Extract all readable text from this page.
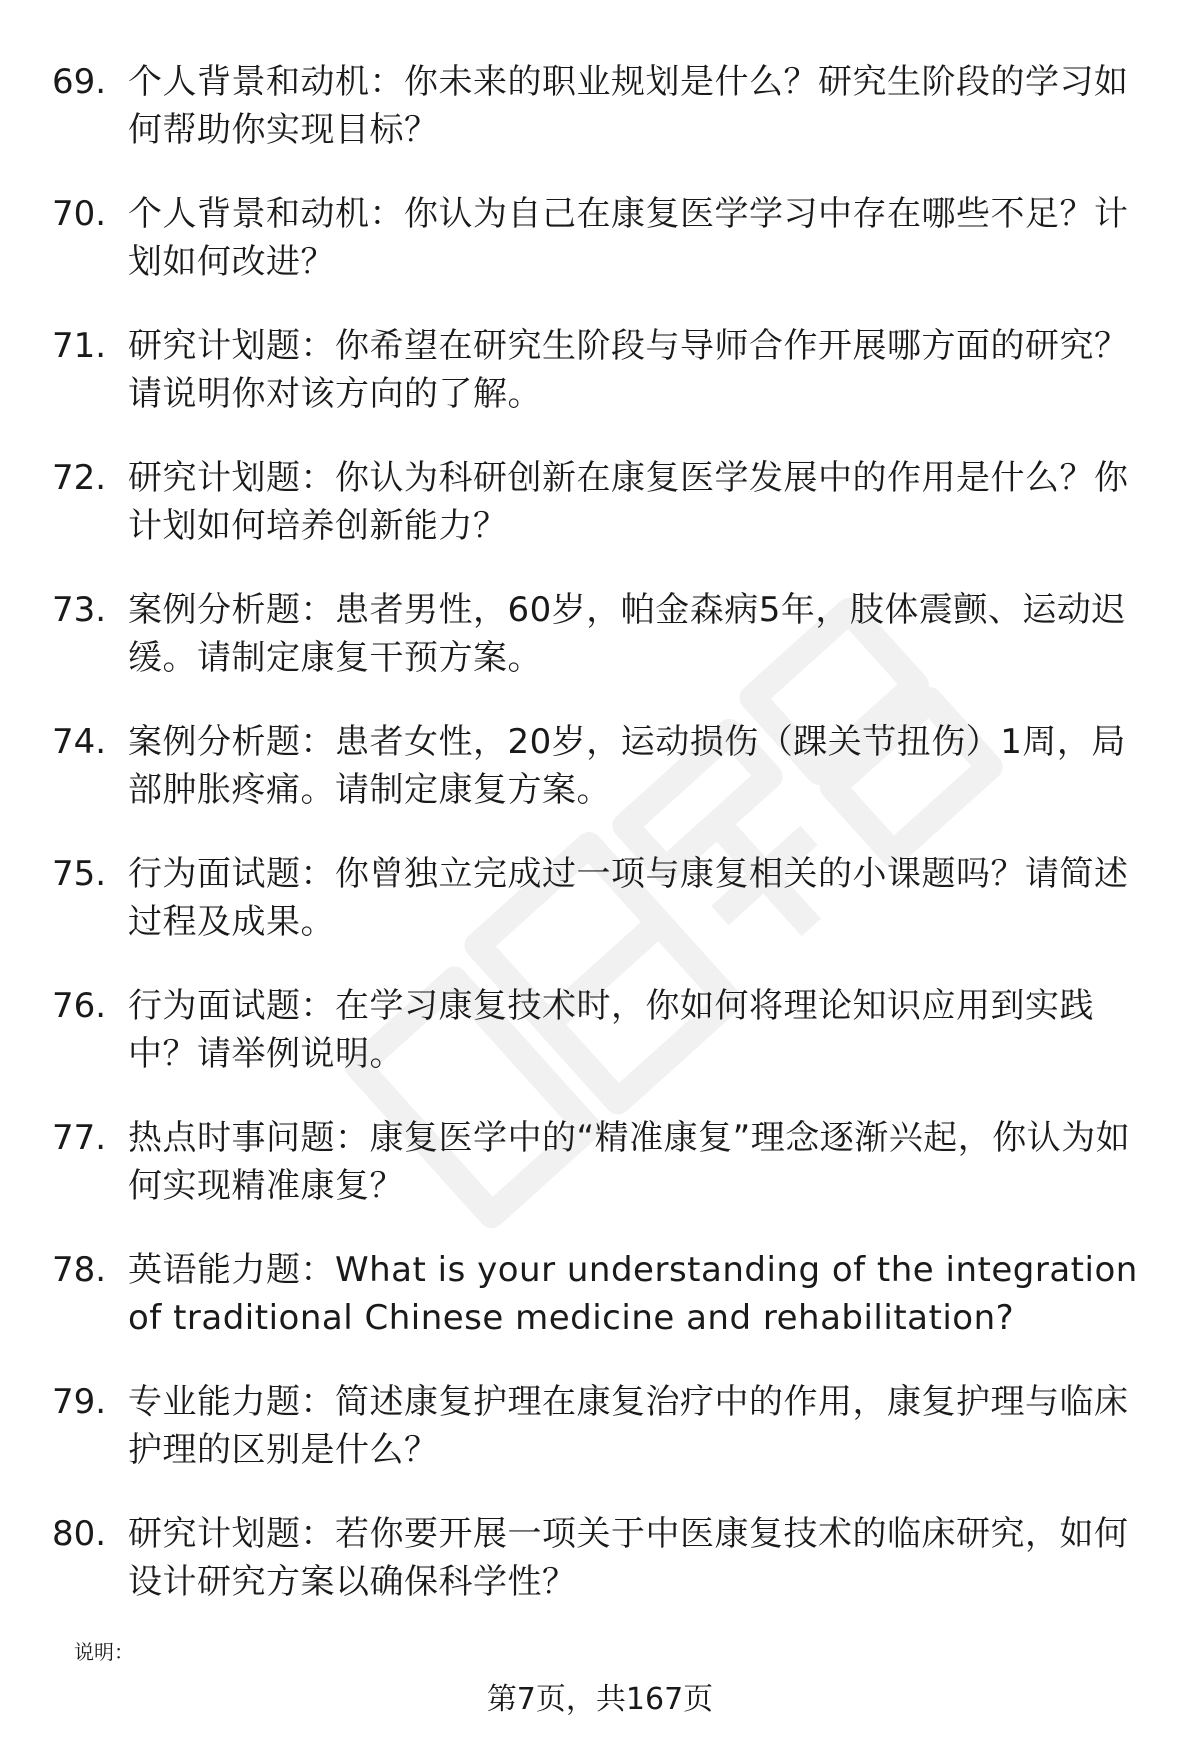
69. 个人背景和动机：你未来的职业规划是什么？研究生阶段的学习如何帮助你实现目标？
70. 个人背景和动机：你认为自己在康复医学学习中存在哪些不足？计划如何改进？
71. 研究计划题：你希望在研究生阶段与导师合作开展哪方面的研究？请说明你对该方向的了解。
72. 研究计划题：你认为科研创新在康复医学发展中的作用是什么？你计划如何培养创新能力？
73. 案例分析题：患者男性，60岁，帕金森病5年，肢体震颤、运动迟缓。请制定康复干预方案。
74. 案例分析题：患者女性，20岁，运动损伤（踝关节扭伤）1周，局部肿胀疼痛。请制定康复方案。
75. 行为面试题：你曾独立完成过一项与康复相关的小课题吗？请简述过程及成果。
76. 行为面试题：在学习康复技术时，你如何将理论知识应用到实践中？请举例说明。
77. 热点时事问题：康复医学中的“精准康复”理念逐渐兴起，你认为如何实现精准康复？
78. 英语能力题：What is your understanding of the integration of traditional Chinese medicine and rehabilitation?
79. 专业能力题：简述康复护理在康复治疗中的作用，康复护理与临床护理的区别是什么？
80. 研究计划题：若你要开展一项关于中医康复技术的临床研究，如何设计研究方案以确保科学性？
说明：
第7页，共167页
